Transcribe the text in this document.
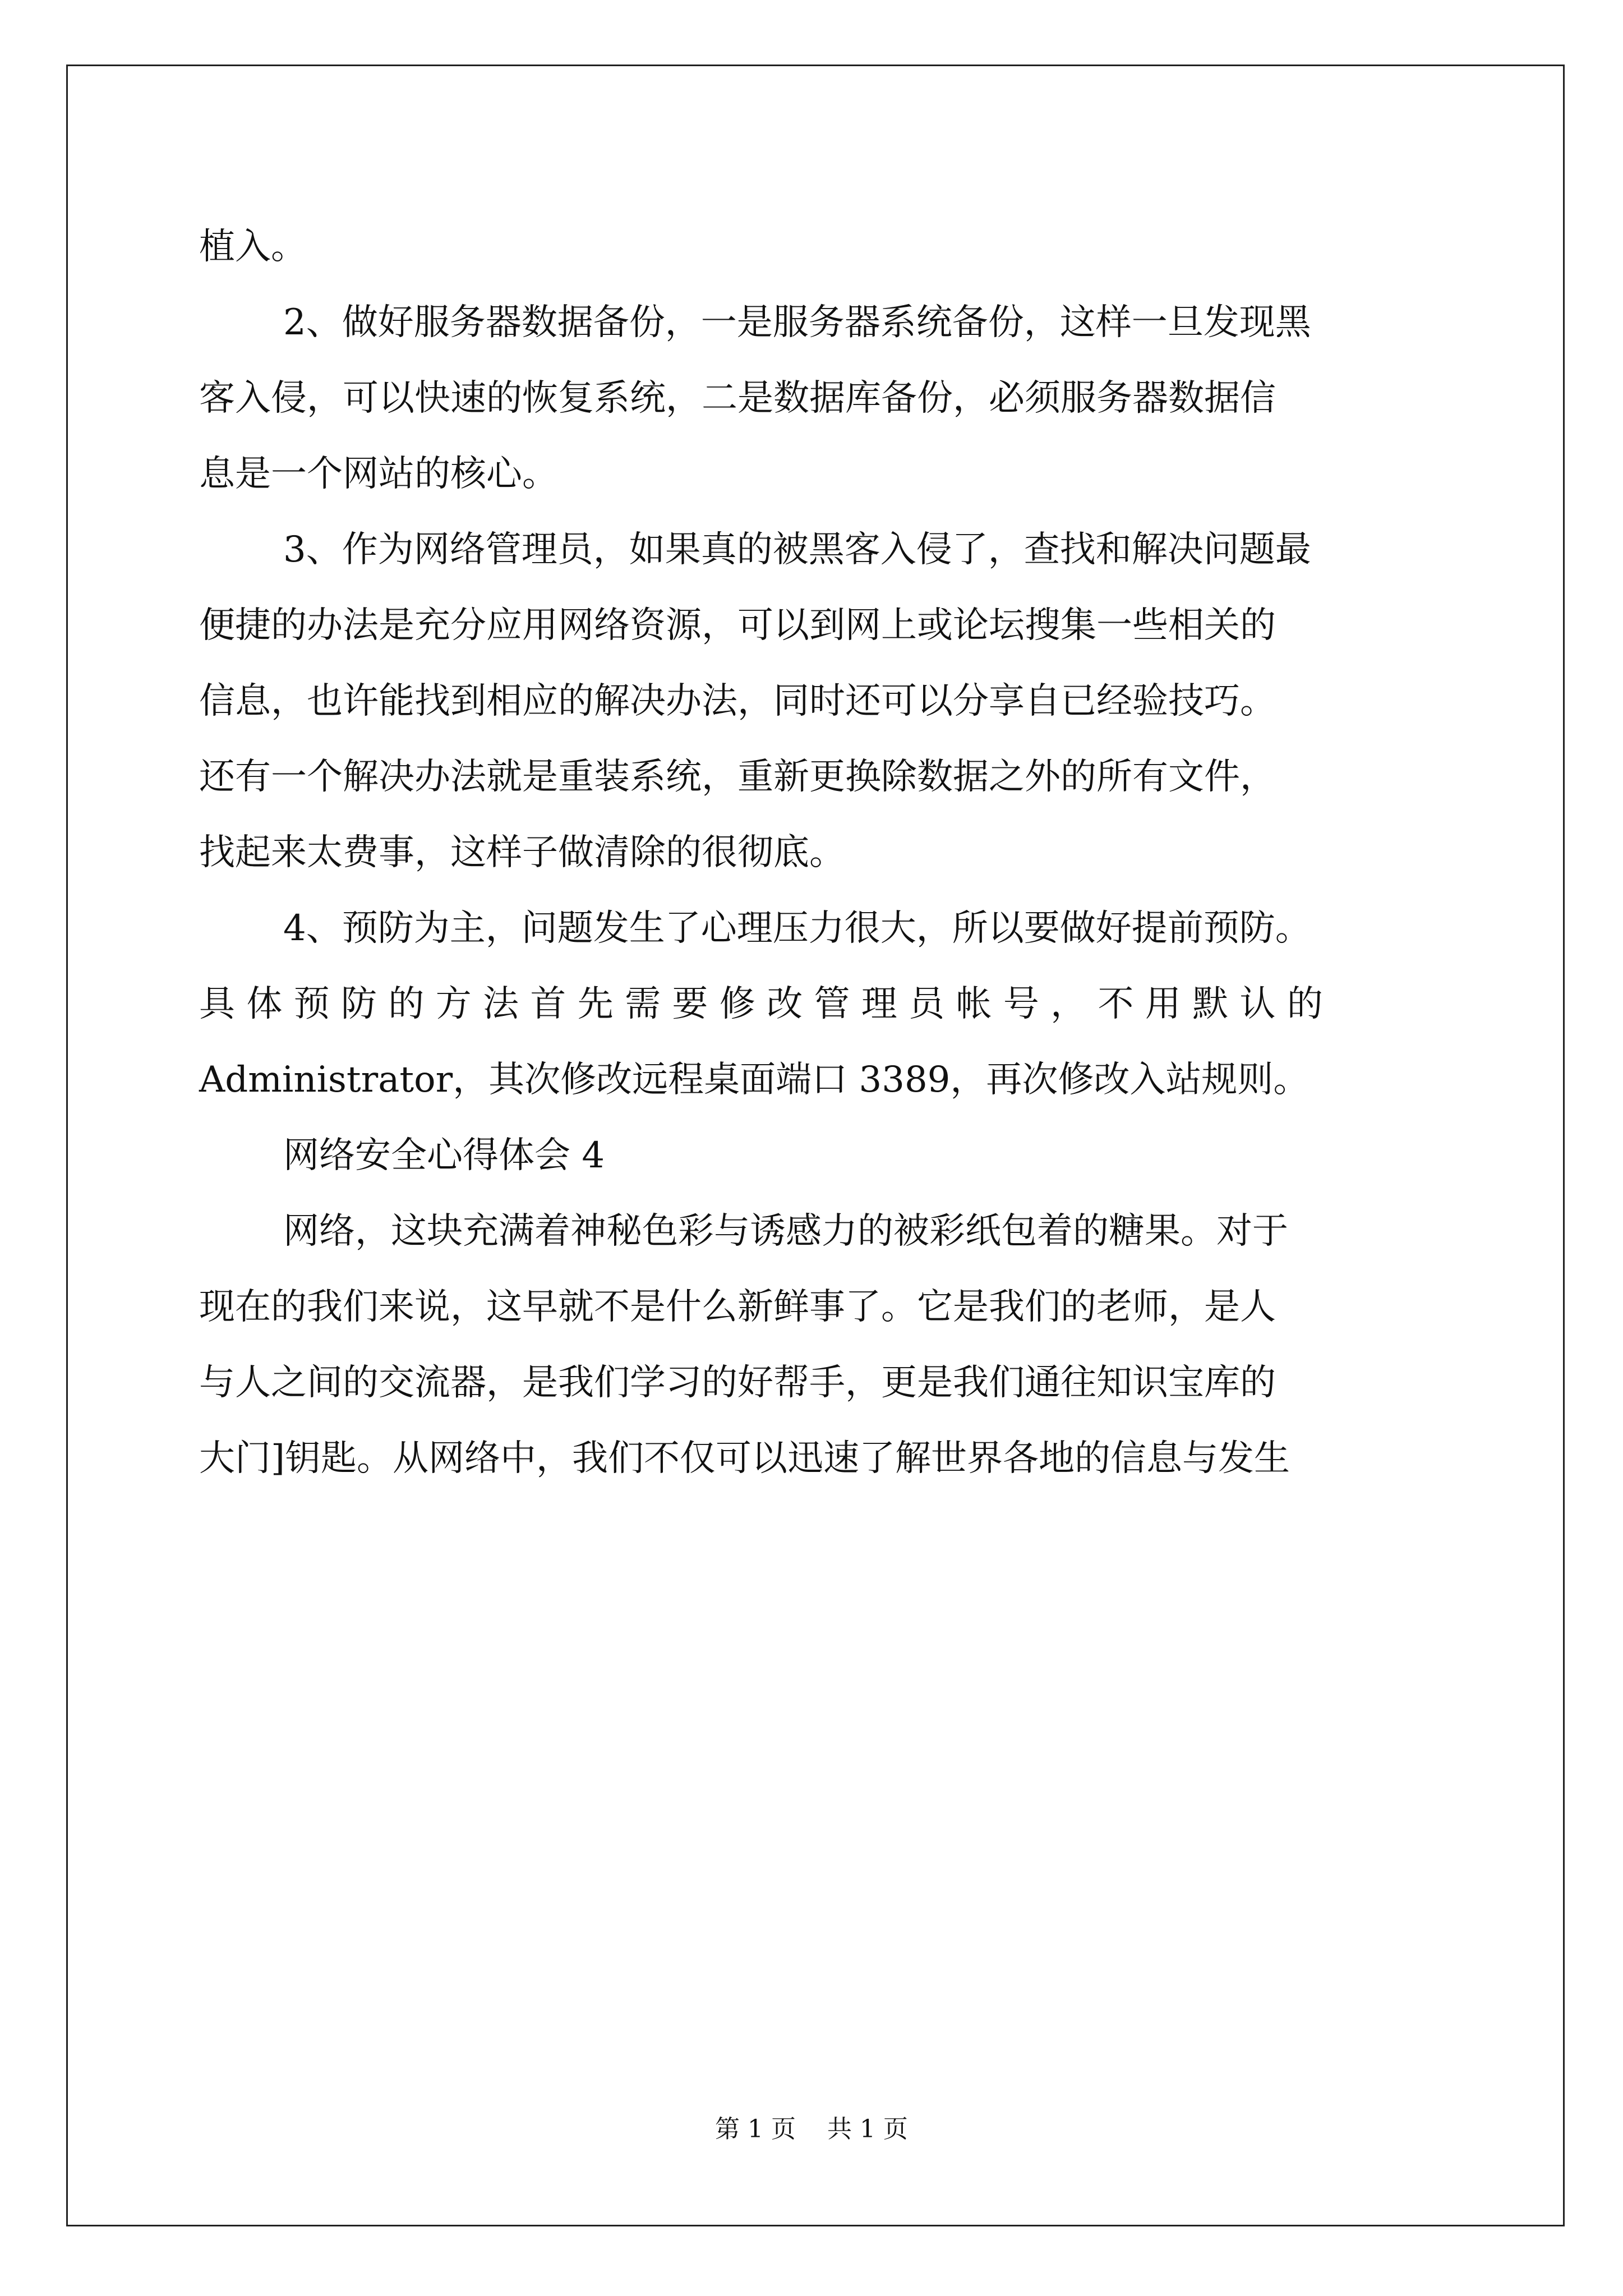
植入。
2、做好服务器数据备份，一是服务器系统备份，这样一旦发现黑
客入侵，可以快速的恢复系统，二是数据库备份，必须服务器数据信
息是一个网站的核心。
3、作为网络管理员，如果真的被黑客入侵了，查找和解决问题最
便捷的办法是充分应用网络资源，可以到网上或论坛搜集一些相关的
信息，也许能找到相应的解决办法，同时还可以分享自已经验技巧。
还有一个解决办法就是重装系统，重新更换除数据之外的所有文件，
找起来太费事，这样子做清除的很彻底。
4、预防为主，问题发生了心理压力很大，所以要做好提前预防。
具 体 预 防 的 方 法 首 先 需 要 修 改 管 理 员 帐 号 ， 不 用 默 认 的
Administrator，其次修改远程桌面端口 3389，再次修改入站规则。
网络安全心得体会 4
网络，这块充满着神秘色彩与诱感力的被彩纸包着的糖果。对于
现在的我们来说，这早就不是什么新鲜事了。它是我们的老师，是人
与人之间的交流器，是我们学习的好帮手，更是我们通往知识宝库的
大门]钥匙。从网络中，我们不仅可以迅速了解世界各地的信息与发生
第 1 页    共 1 页
